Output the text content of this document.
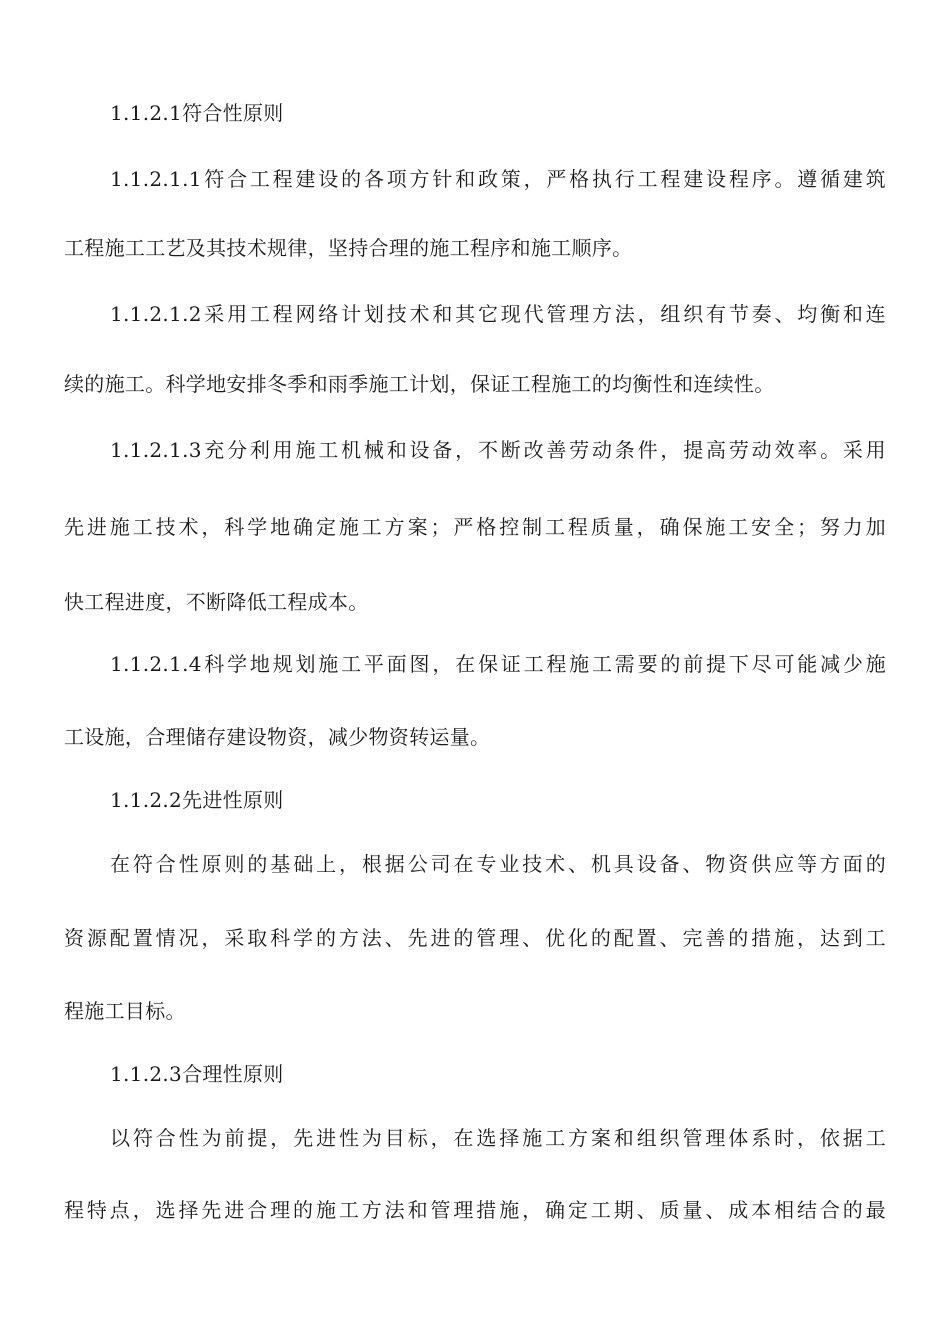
1.1.2.1符合性原则
1.1.2.1.1符合工程建设的各项方针和政策，严格执行工程建设程序。遵循建筑
工程施工工艺及其技术规律，坚持合理的施工程序和施工顺序。
1.1.2.1.2采用工程网络计划技术和其它现代管理方法，组织有节奏、均衡和连
续的施工。科学地安排冬季和雨季施工计划，保证工程施工的均衡性和连续性。
1.1.2.1.3充分利用施工机械和设备，不断改善劳动条件，提高劳动效率。采用
先进施工技术，科学地确定施工方案；严格控制工程质量，确保施工安全；努力加
快工程进度，不断降低工程成本。
1.1.2.1.4科学地规划施工平面图，在保证工程施工需要的前提下尽可能减少施
工设施，合理储存建设物资，减少物资转运量。
1.1.2.2先进性原则
在符合性原则的基础上，根据公司在专业技术、机具设备、物资供应等方面的
资源配置情况，采取科学的方法、先进的管理、优化的配置、完善的措施，达到工
程施工目标。
1.1.2.3合理性原则
以符合性为前提，先进性为目标，在选择施工方案和组织管理体系时，依据工
程特点，选择先进合理的施工方法和管理措施，确定工期、质量、成本相结合的最
